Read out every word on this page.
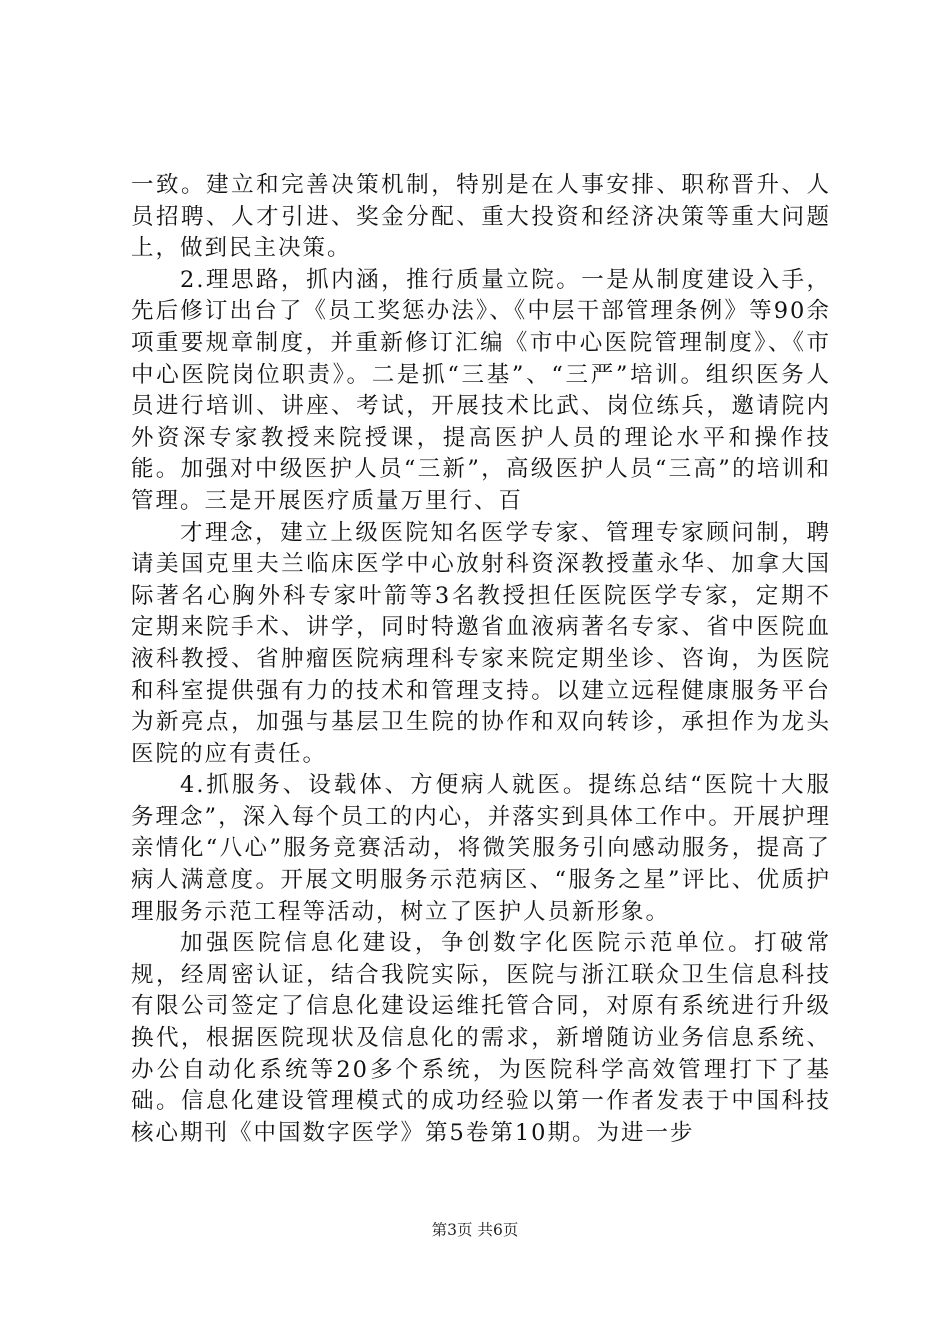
一致。建立和完善决策机制，特别是在人事安排、职称晋升、人员招聘、人才引进、奖金分配、重大投资和经济决策等重大问题上，做到民主决策。

2.理思路，抓内涵，推行质量立院。一是从制度建设入手，先后修订出台了《员工奖惩办法》、《中层干部管理条例》等90余项重要规章制度，并重新修订汇编《市中心医院管理制度》、《市中心医院岗位职责》。二是抓“三基”、“三严”培训。组织医务人员进行培训、讲座、考试，开展技术比武、岗位练兵，邀请院内外资深专家教授来院授课，提高医护人员的理论水平和操作技能。加强对中级医护人员“三新”，高级医护人员“三高”的培训和管理。三是开展医疗质量万里行、百

才理念，建立上级医院知名医学专家、管理专家顾问制，聘请美国克里夫兰临床医学中心放射科资深教授董永华、加拿大国际著名心胸外科专家叶箭等3名教授担任医院医学专家，定期不定期来院手术、讲学，同时特邀省血液病著名专家、省中医院血液科教授、省肿瘤医院病理科专家来院定期坐诊、咨询，为医院和科室提供强有力的技术和管理支持。以建立远程健康服务平台为新亮点，加强与基层卫生院的协作和双向转诊，承担作为龙头医院的应有责任。

4.抓服务、设载体、方便病人就医。提练总结“医院十大服务理念”，深入每个员工的内心，并落实到具体工作中。开展护理亲情化“八心”服务竞赛活动，将微笑服务引向感动服务，提高了病人满意度。开展文明服务示范病区、“服务之星”评比、优质护理服务示范工程等活动，树立了医护人员新形象。

加强医院信息化建设，争创数字化医院示范单位。打破常规，经周密认证，结合我院实际，医院与浙江联众卫生信息科技有限公司签定了信息化建设运维托管合同，对原有系统进行升级换代，根据医院现状及信息化的需求，新增随访业务信息系统、办公自动化系统等20多个系统，为医院科学高效管理打下了基础。信息化建设管理模式的成功经验以第一作者发表于中国科技核心期刊《中国数字医学》第5卷第10期。为进一步

第3页 共6页
